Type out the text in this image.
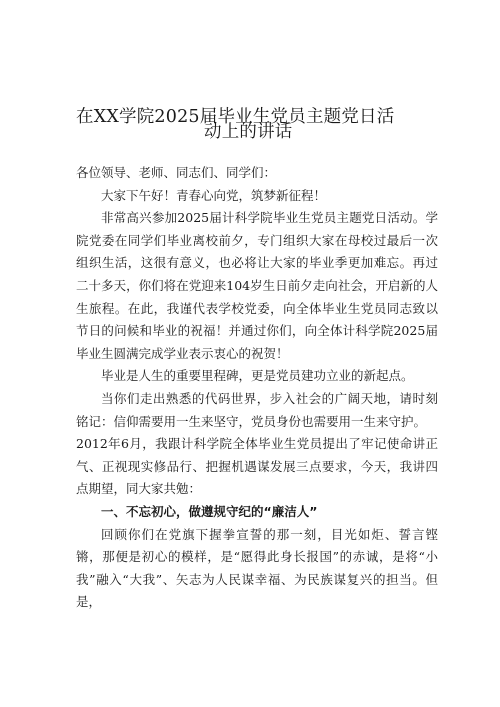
在XX学院2025届毕业生党员主题党日活
动上的讲话

各位领导、老师、同志们、同学们：

大家下午好！青春心向党，筑梦新征程！

非常高兴参加2025届计科学院毕业生党员主题党日活动。学院党委在同学们毕业离校前夕，专门组织大家在母校过最后一次组织生活，这很有意义，也必将让大家的毕业季更加难忘。再过二十多天，你们将在党迎来104岁生日前夕走向社会，开启新的人生旅程。在此，我谨代表学校党委，向全体毕业生党员同志致以节日的问候和毕业的祝福！并通过你们，向全体计科学院2025届毕业生圆满完成学业表示衷心的祝贺！

毕业是人生的重要里程碑，更是党员建功立业的新起点。

当你们走出熟悉的代码世界，步入社会的广阔天地，请时刻铭记：信仰需要用一生来坚守，党员身份也需要用一生来守护。

2012年6月，我跟计科学院全体毕业生党员提出了牢记使命讲正气、正视现实修品行、把握机遇谋发展三点要求，今天，我讲四点期望，同大家共勉：

一、不忘初心，做遵规守纪的“廉洁人”

回顾你们在党旗下握拳宣誓的那一刻，目光如炬、誓言铿锵，那便是初心的模样，是“愿得此身长报国”的赤诚，是将“小我”融入“大我”、矢志为人民谋幸福、为民族谋复兴的担当。但是，
